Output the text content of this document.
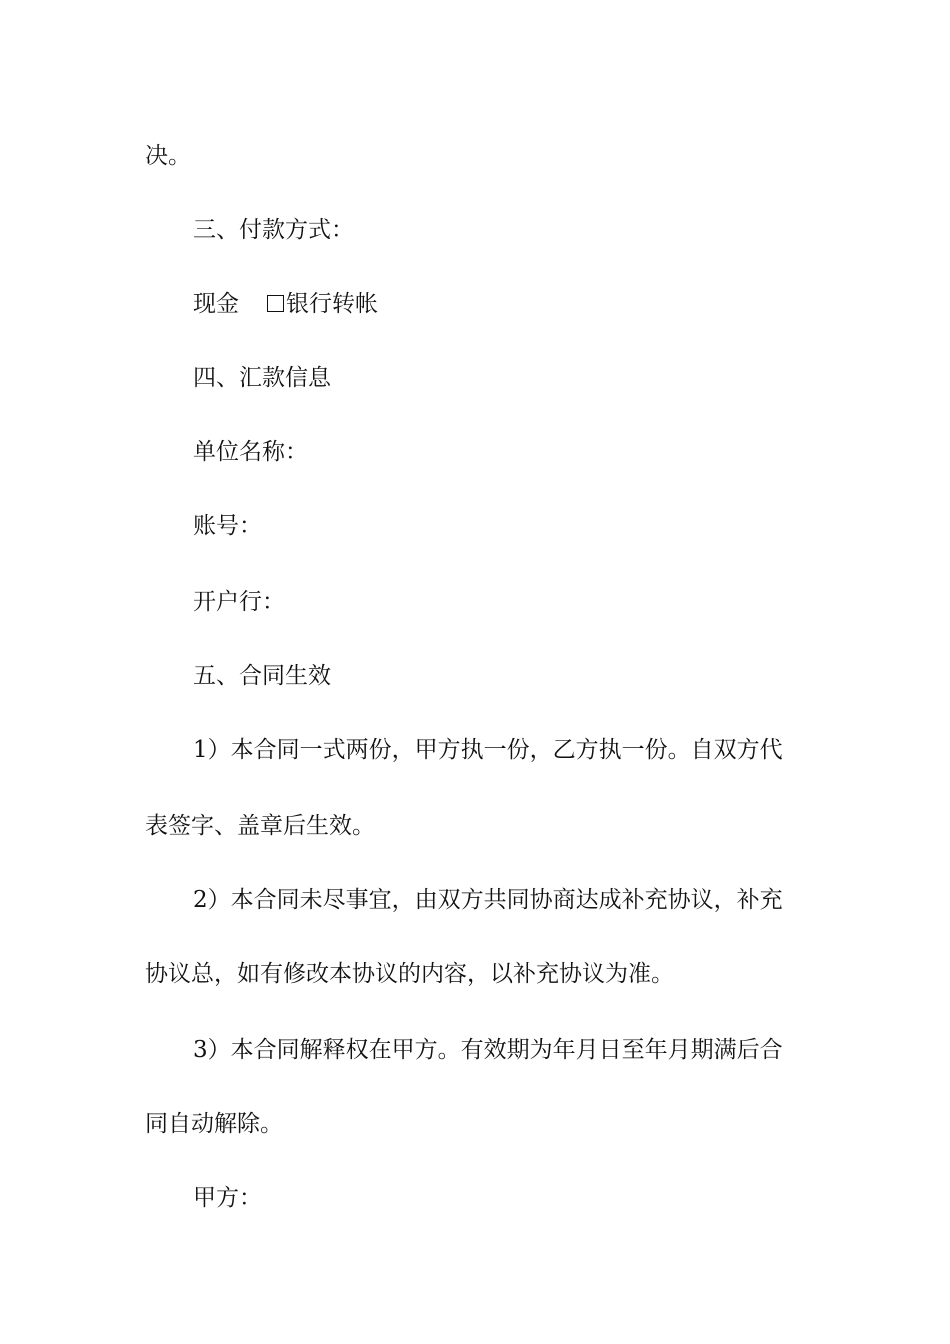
决。
三、付款方式：
现金 银行转帐
四、汇款信息
单位名称：
账号：
开户行：
五、合同生效
1）本合同一式两份，甲方执一份，乙方执一份。自双方代
表签字、盖章后生效。
2）本合同未尽事宜，由双方共同协商达成补充协议，补充
协议总，如有修改本协议的内容，以补充协议为准。
3）本合同解释权在甲方。有效期为年月日至年月期满后合
同自动解除。
甲方：
